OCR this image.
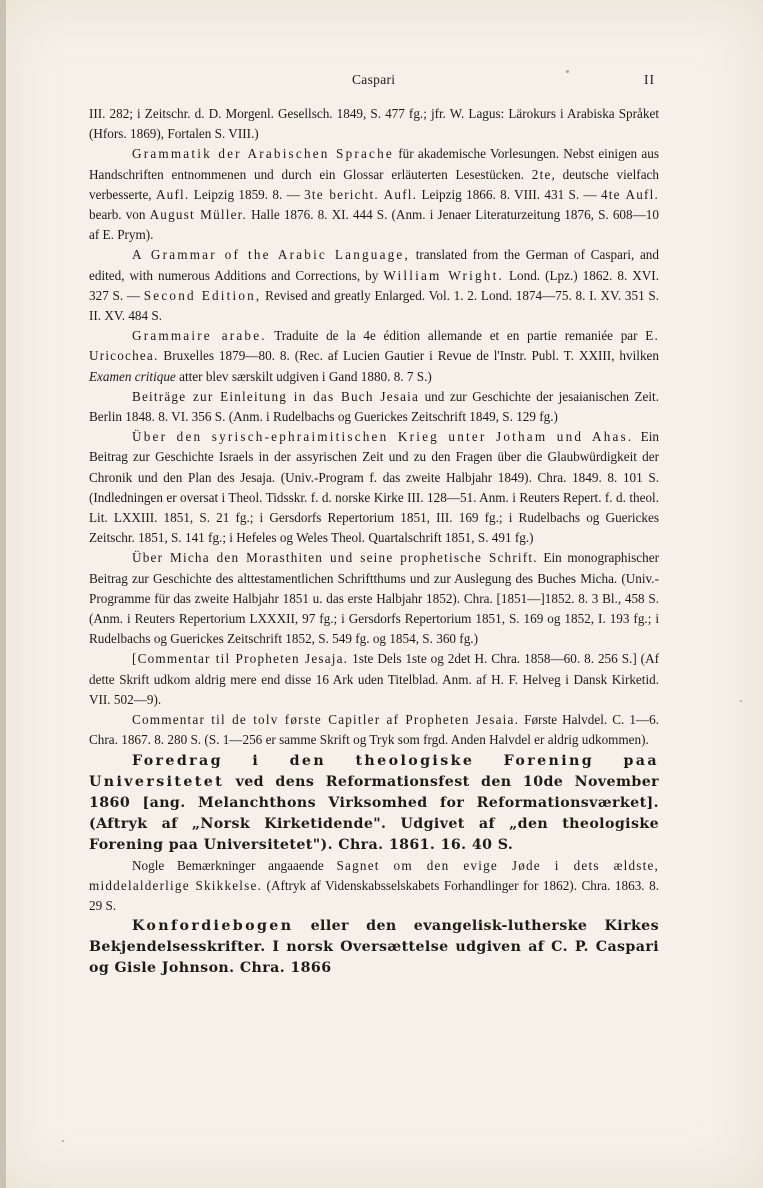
Caspari	II

III. 282; i Zeitschr. d. D. Morgenl. Gesellsch. 1849, S. 477 fg.; jfr. W. Lagus: Lärokurs i Arabiska Språket (Hfors. 1869), Fortalen S. VIII.)

Grammatik der Arabischen Sprache für akademische Vorlesungen. Nebst einigen aus Handschriften entnommenen und durch ein Glossar erläuterten Lesestücken. 2te, deutsche vielfach verbesserte, Aufl. Leipzig 1859. 8. — 3te bericht. Aufl. Leipzig 1866. 8. VIII. 431 S. — 4te Aufl. bearb. von August Müller. Halle 1876. 8. XI. 444 S. (Anm. i Jenaer Literaturzeitung 1876, S. 608—10 af E. Prym).

A Grammar of the Arabic Language, translated from the German of Caspari, and edited, with numerous Additions and Corrections, by William Wright. Lond. (Lpz.) 1862. 8. XVI. 327 S. — Second Edition, Revised and greatly Enlarged. Vol. 1. 2. Lond. 1874—75. 8. I. XV. 351 S. II. XV. 484 S.

Grammaire arabe. Traduite de la 4e édition allemande et en partie remaniée par E. Uricochea. Bruxelles 1879—80. 8. (Rec. af Lucien Gautier i Revue de l'Instr. Publ. T. XXIII, hvilken Examen critique atter blev særskilt udgiven i Gand 1880. 8. 7 S.)

Beiträge zur Einleitung in das Buch Jesaia und zur Geschichte der jesaianischen Zeit. Berlin 1848. 8. VI. 356 S. (Anm. i Rudelbachs og Guerickes Zeitschrift 1849, S. 129 fg.)

Über den syrisch-ephraimitischen Krieg unter Jotham und Ahas. Ein Beitrag zur Geschichte Israels in der assyrischen Zeit und zu den Fragen über die Glaubwürdigkeit der Chronik und den Plan des Jesaja. (Univ.-Program f. das zweite Halbjahr 1849). Chra. 1849. 8. 101 S. (Indledningen er oversat i Theol. Tidsskr. f. d. norske Kirke III. 128—51. Anm. i Reuters Repert. f. d. theol. Lit. LXXIII. 1851, S. 21 fg.; i Gersdorfs Repertorium 1851, III. 169 fg.; i Rudelbachs og Guerickes Zeitschr. 1851, S. 141 fg.; i Hefeles og Weles Theol. Quartalschrift 1851, S. 491 fg.)

Über Micha den Morasthiten und seine prophetische Schrift. Ein monographischer Beitrag zur Geschichte des alttestamentlichen Schriftthums und zur Auslegung des Buches Micha. (Univ.-Programme für das zweite Halbjahr 1851 u. das erste Halbjahr 1852). Chra. [1851—]1852. 8. 3 Bl., 458 S. (Anm. i Reuters Repertorium LXXXII, 97 fg.; i Gersdorfs Repertorium 1851, S. 169 og 1852, I. 193 fg.; i Rudelbachs og Guerickes Zeitschrift 1852, S. 549 fg. og 1854, S. 360 fg.)

[Commentar til Propheten Jesaja. 1ste Dels 1ste og 2det H. Chra. 1858—60. 8. 256 S.] (Af dette Skrift udkom aldrig mere end disse 16 Ark uden Titelblad. Anm. af H. F. Helveg i Dansk Kirketid. VII. 502—9).

Commentar til de tolv første Capitler af Propheten Jesaia. Første Halvdel. C. 1—6. Chra. 1867. 8. 280 S. (S. 1—256 er samme Skrift og Tryk som frgd. Anden Halvdel er aldrig udkommen).

Foredrag i den theologiske Forening paa Universitetet ved dens Reformationsfest den 10de November 1860 [ang. Melanchthons Virksomhed for Reformationsværket]. (Aftryk af „Norsk Kirketidende". Udgivet af „den theologiske Forening paa Universitetet"). Chra. 1861. 16. 40 S.

Nogle Bemærkninger angaaende Sagnet om den evige Jøde i dets ældste, middelalderlige Skikkelse. (Aftryk af Videnskabsselskabets Forhandlinger for 1862). Chra. 1863. 8. 29 S.

Konfordiebogen eller den evangelisk-lutherske Kirkes Bekjendelsesskrifter. I norsk Oversættelse udgiven af C. P. Caspari og Gisle Johnson. Chra. 1866
